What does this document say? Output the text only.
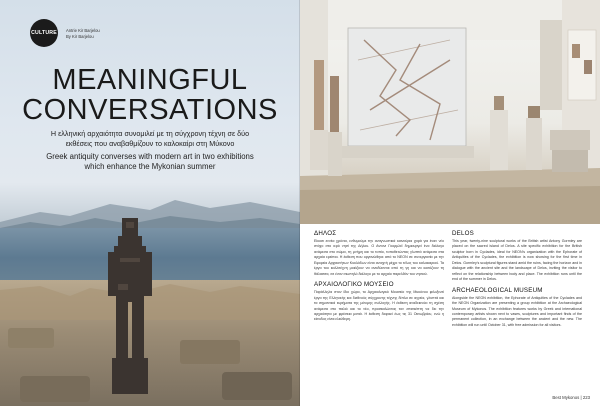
CULTURE Antrie Kir Barjelou
By Kir Barjelou
MEANINGFUL
CONVERSATIONS
Η ελληνική αρχαιότητα συνομιλεί με τη σύγχρονη τέχνη σε δύο εκθέσεις που αναβαθμίζουν το καλοκαίρι στη Μύκονο
Greek antiquity converses with modern art in two exhibitions which enhance the Mykonian summer
ΔΗΛΟΣ

Είκοσι εννέα χρόνια, ενθυμούμε την αναγνωστικά καινούρια χαρά για έναν νέο στόχο στο ιερό νησί της Δήλου. Ο Αντονι Γκορμλεϊ δημιουργεί ένα διάλογο ανάμεσα στο σώμα, τη μνήμη και το τοπίο, τοποθετώντας γλυπτά ανάμεσα στα αρχαία ερείπια. Η έκθεση που οργανώθηκε από το NEON σε συνεργασία με την Εφορεία Αρχαιοτήτων Κυκλάδων είναι ανοιχτή μέχρι το τέλος του καλοκαιριού. Τα έργα του καλλιτέχνη μοιάζουν να αναδύονται από τη γη και να κοιτάζουν τη θάλασσα, σε έναν σιωπηλό διάλογο με το αρχαίο παρελθόν του νησιού.

ΑΡΧΑΙΟΛΟΓΙΚΟ ΜΟΥΣΕΙΟ

Παράλληλα στον ίδιο χώρο, το Αρχαιολογικό Μουσείο της Μυκόνου φιλοξενεί έργα της Ελληνικής και διεθνούς σύγχρονης τέχνης δίπλα σε αγγεία, γλυπτά και τα σημαντικά ευρήματα της μόνιμης συλλογής. Η έκθεση αναδεικνύει τη σχέση ανάμεσα στο παλιό και το νέο, προσκαλώντας τον επισκέπτη να δει την αρχαιότητα με φρέσκια ματιά. Η έκθεση διαρκεί έως τις 31 Οκτωβρίου, ενώ η είσοδος είναι ελεύθερη.

DELOS

This year, twenty-nine sculptural works of the British artist Antony Gormley are placed on the sacred island of Delos. A site specific exhibition for the British sculptor born in Cyclades, ideal for NEON's organization with the Ephorate of Antiquities of the Cyclades, the exhibition is now showing for the first time in Delos. Gormley's sculptural figures stand amid the ruins, facing the horizon and in dialogue with the ancient site and the landscape of Delos, inviting the visitor to reflect on the relationship between body and place. The exhibition runs until the end of the summer in Delos.

ARCHAEOLOGICAL MUSEUM

Alongside the NEON exhibition, the Ephorate of Antiquities of the Cyclades and the NEON Organization are presenting a group exhibition at the Archaeological Museum of Mykonos. The exhibition features works by Greek and international contemporary artists shown next to vases, sculptures and important finds of the permanent collection, in an exchange between the ancient and the new. The exhibition will run until October 31, with free admission for all visitors.

Best Mykonos | 223
